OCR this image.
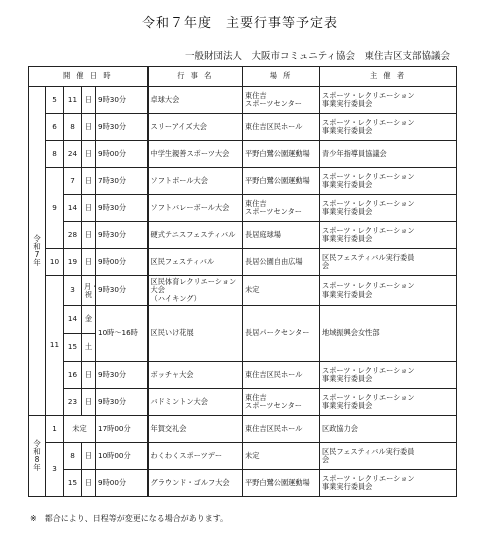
令和７年度　主要行事等予定表
一般財団法人　大阪市コミュニティ協会　東住吉区支部協議会
開 催 日 時					行 事 名	場 所	主 催 者

令
和
7
年	5	11	日	9時30分	卓球大会	東住吉
スポーツセンター	スポーツ・レクリエーション
事業実行委員会
	6	8	日	9時30分	スリーアイズ大会	東住吉区民ホール	スポーツ・レクリエーション
事業実行委員会
	8	24	日	9時00分	中学生親善スポーツ大会	平野白鷺公園運動場	青少年指導員協議会
	9	7	日	7時30分	ソフトボール大会	平野白鷺公園運動場	スポーツ・レクリエーション
事業実行委員会
		14	日	9時30分	ソフトバレーボール大会	東住吉
スポーツセンター	スポーツ・レクリエーション
事業実行委員会
		28	日	9時30分	硬式テニスフェスティバル	長居庭球場	スポーツ・レクリエーション
事業実行委員会
	10	19	日	9時00分	区民フェスティバル	長居公園自由広場	区民フェスティバル実行委員
会
	11	3	月・
祝	9時30分	区民体育レクリエーション大会
（ハイキング）	未定	スポーツ・レクリエーション
事業実行委員会
		14	金	10時～16時	区民いけ花展	長居パークセンター	地域振興会女性部
		15	土				
		16	日	9時30分	ボッチャ大会	東住吉区民ホール	スポーツ・レクリエーション
事業実行委員会
		23	日	9時30分	バドミントン大会	東住吉
スポーツセンター	スポーツ・レクリエーション
事業実行委員会

令
和
8
年	1	未定		17時00分	年賀交礼会	東住吉区民ホール	区政協力会
	3	8	日	10時00分	わくわくスポーツデー	未定	区民フェスティバル実行委員
会
		15	日	9時00分	グラウンド・ゴルフ大会	平野白鷺公園運動場	スポーツ・レクリエーション
事業実行委員会
※　都合により、日程等が変更になる場合があります。
